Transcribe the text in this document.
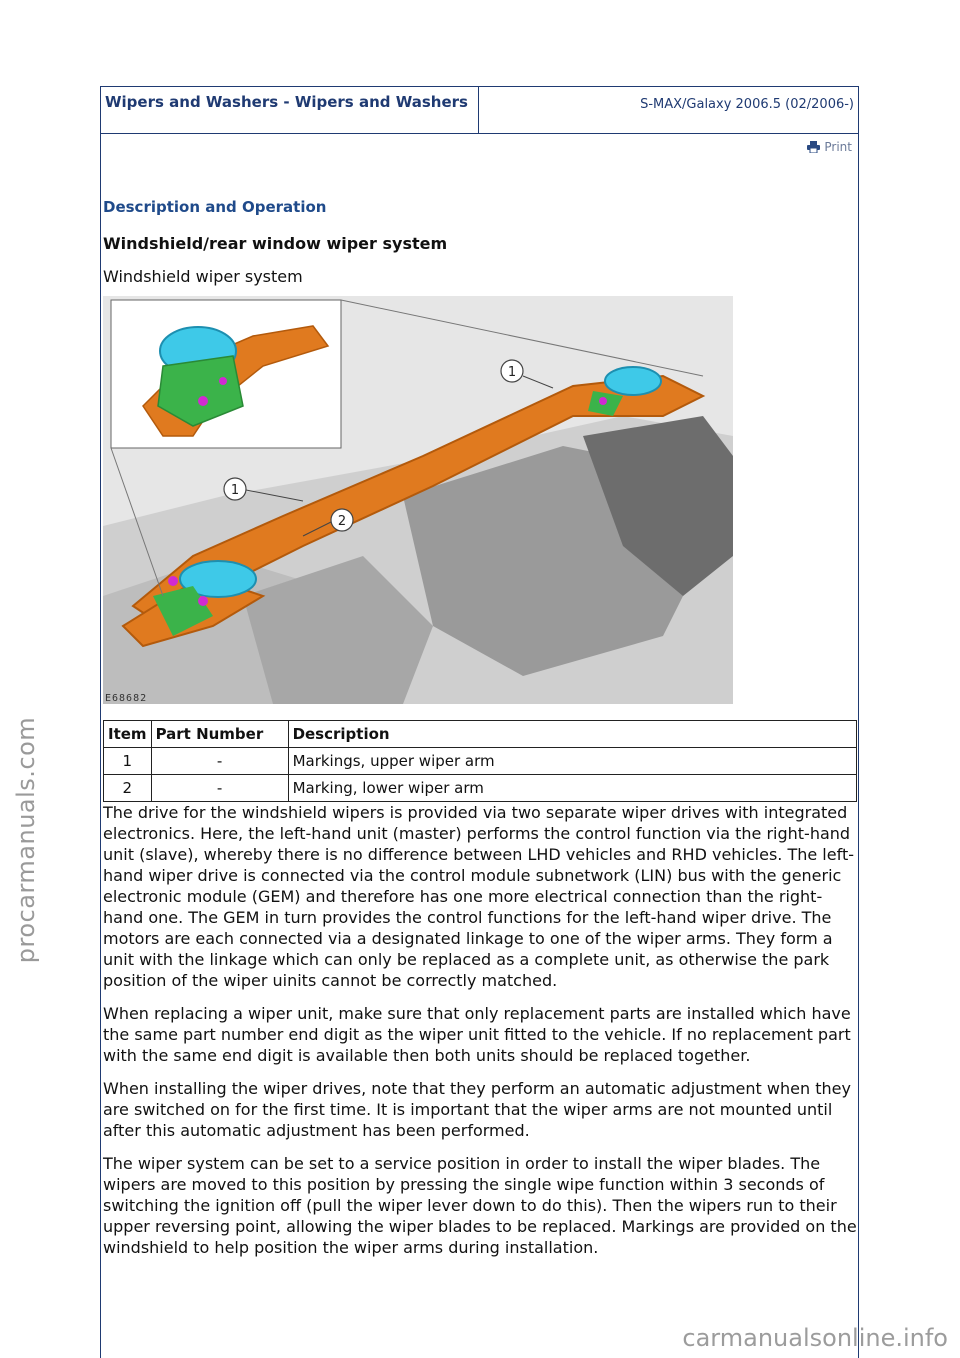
procarmanuals.com
Wipers and Washers - Wipers and Washers	S-MAX/Galaxy 2006.5 (02/2006-)
Print
Description and Operation
Windshield/rear window wiper system
Windshield wiper system
1
1
2
E68682
Item	Part Number	Description
1	-	Markings, upper wiper arm
2	-	Marking, lower wiper arm

The drive for the windshield wipers is provided via two separate wiper drives with integrated electronics. Here, the left-hand unit (master) performs the control function via the right-hand unit (slave), whereby there is no difference between LHD vehicles and RHD vehicles. The left-hand wiper drive is connected via the control module subnetwork (LIN) bus with the generic electronic module (GEM) and therefore has one more electrical connection than the right-hand one. The GEM in turn provides the control functions for the left-hand wiper drive. The motors are each connected via a designated linkage to one of the wiper arms. They form a unit with the linkage which can only be replaced as a complete unit, as otherwise the park position of the wiper uinits cannot be correctly matched.

When replacing a wiper unit, make sure that only replacement parts are installed which have the same part number end digit as the wiper unit fitted to the vehicle. If no replacement part with the same end digit is available then both units should be replaced together.

When installing the wiper drives, note that they perform an automatic adjustment when they are switched on for the first time. It is important that the wiper arms are not mounted until after this automatic adjustment has been performed.

The wiper system can be set to a service position in order to install the wiper blades. The wipers are moved to this position by pressing the single wipe function within 3 seconds of switching the ignition off (pull the wiper lever down to do this). Then the wipers run to their upper reversing point, allowing the wiper blades to be replaced. Markings are provided on the windshield to help position the wiper arms during installation.

carmanualsonline.info
